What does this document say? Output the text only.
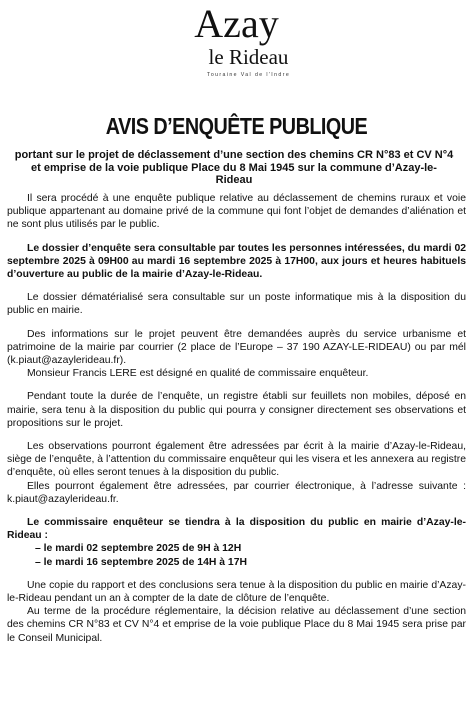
Azay
le Rideau
Touraine Val de l'Indre
AVIS D’ENQUÊTE PUBLIQUE
portant sur le projet de déclassement d’une section des chemins CR N°83 et CV N°4 et emprise de la voie publique Place du 8 Mai 1945 sur la commune d’Azay-le-Rideau

Il sera procédé à une enquête publique relative au déclassement de chemins ruraux et voie publique appartenant au domaine privé de la commune qui font l’objet de demandes d’aliénation et ne sont plus utilisés par le public.

Le dossier d’enquête sera consultable par toutes les personnes intéressées, du mardi 02 septembre 2025 à 09H00 au mardi 16 septembre 2025 à 17H00, aux jours et heures habituels d’ouverture au public de la mairie d’Azay-le-Rideau.

Le dossier dématérialisé sera consultable sur un poste informatique mis à la disposition du public en mairie.

Des informations sur le projet peuvent être demandées auprès du service urbanisme et patrimoine de la mairie par courrier (2 place de l’Europe – 37 190 AZAY-LE-RIDEAU) ou par mél (k.piaut@azaylerideau.fr).

Monsieur Francis LERE est désigné en qualité de commissaire enquêteur.

Pendant toute la durée de l’enquête, un registre établi sur feuillets non mobiles, déposé en mairie, sera tenu à la disposition du public qui pourra y consigner directement ses observations et propositions sur le projet.

Les observations pourront également être adressées par écrit à la mairie d’Azay-le-Rideau, siège de l’enquête, à l’attention du commissaire enquêteur qui les visera et les annexera au registre d’enquête, où elles seront tenues à la disposition du public.

Elles pourront également être adressées, par courrier électronique, à l’adresse suivante : k.piaut@azaylerideau.fr.

Le commissaire enquêteur se tiendra à la disposition du public en mairie d’Azay-le-Rideau :

– le mardi 02 septembre 2025 de 9H à 12H

– le mardi 16 septembre 2025 de 14H à 17H

Une copie du rapport et des conclusions sera tenue à la disposition du public en mairie d’Azay-le-Rideau pendant un an à compter de la date de clôture de l’enquête.

Au terme de la procédure réglementaire, la décision relative au déclassement d’une section des chemins CR N°83 et CV N°4 et emprise de la voie publique Place du 8 Mai 1945 sera prise par le Conseil Municipal.
